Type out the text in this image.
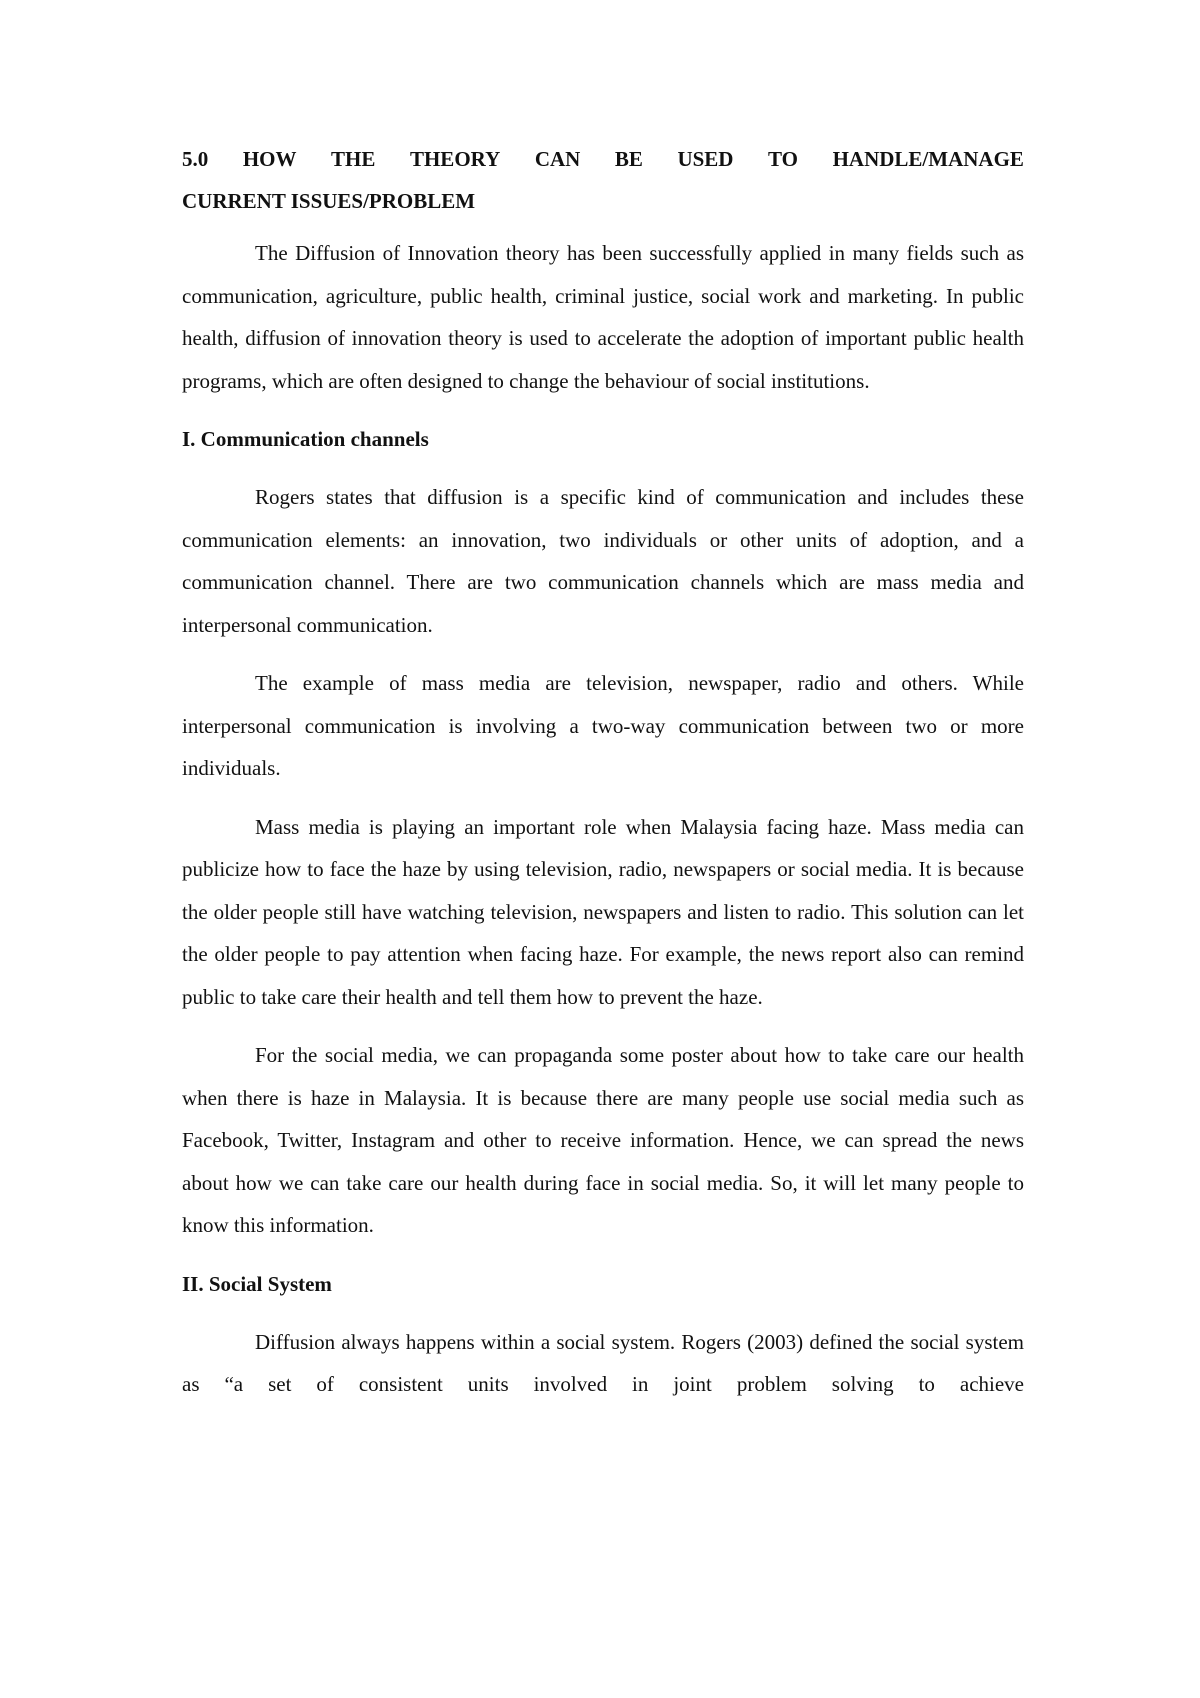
5.0 HOW THE THEORY CAN BE USED TO HANDLE/MANAGE
CURRENT ISSUES/PROBLEM

The Diffusion of Innovation theory has been successfully applied in many fields such as communication, agriculture, public health, criminal justice, social work and marketing. In public health, diffusion of innovation theory is used to accelerate the adoption of important public health programs, which are often designed to change the behaviour of social institutions.

I. Communication channels

Rogers states that diffusion is a specific kind of communication and includes these communication elements: an innovation, two individuals or other units of adoption, and a communication channel. There are two communication channels which are mass media and interpersonal communication.

The example of mass media are television, newspaper, radio and others. While interpersonal communication is involving a two-way communication between two or more individuals.

Mass media is playing an important role when Malaysia facing haze. Mass media can publicize how to face the haze by using television, radio, newspapers or social media. It is because the older people still have watching television, newspapers and listen to radio. This solution can let the older people to pay attention when facing haze. For example, the news report also can remind public to take care their health and tell them how to prevent the haze.

For the social media, we can propaganda some poster about how to take care our health when there is haze in Malaysia. It is because there are many people use social media such as Facebook, Twitter, Instagram and other to receive information. Hence, we can spread the news about how we can take care our health during face in social media. So, it will let many people to know this information.

II. Social System

Diffusion always happens within a social system. Rogers (2003) defined the social system as “a set of consistent units involved in joint problem solving to achieve
